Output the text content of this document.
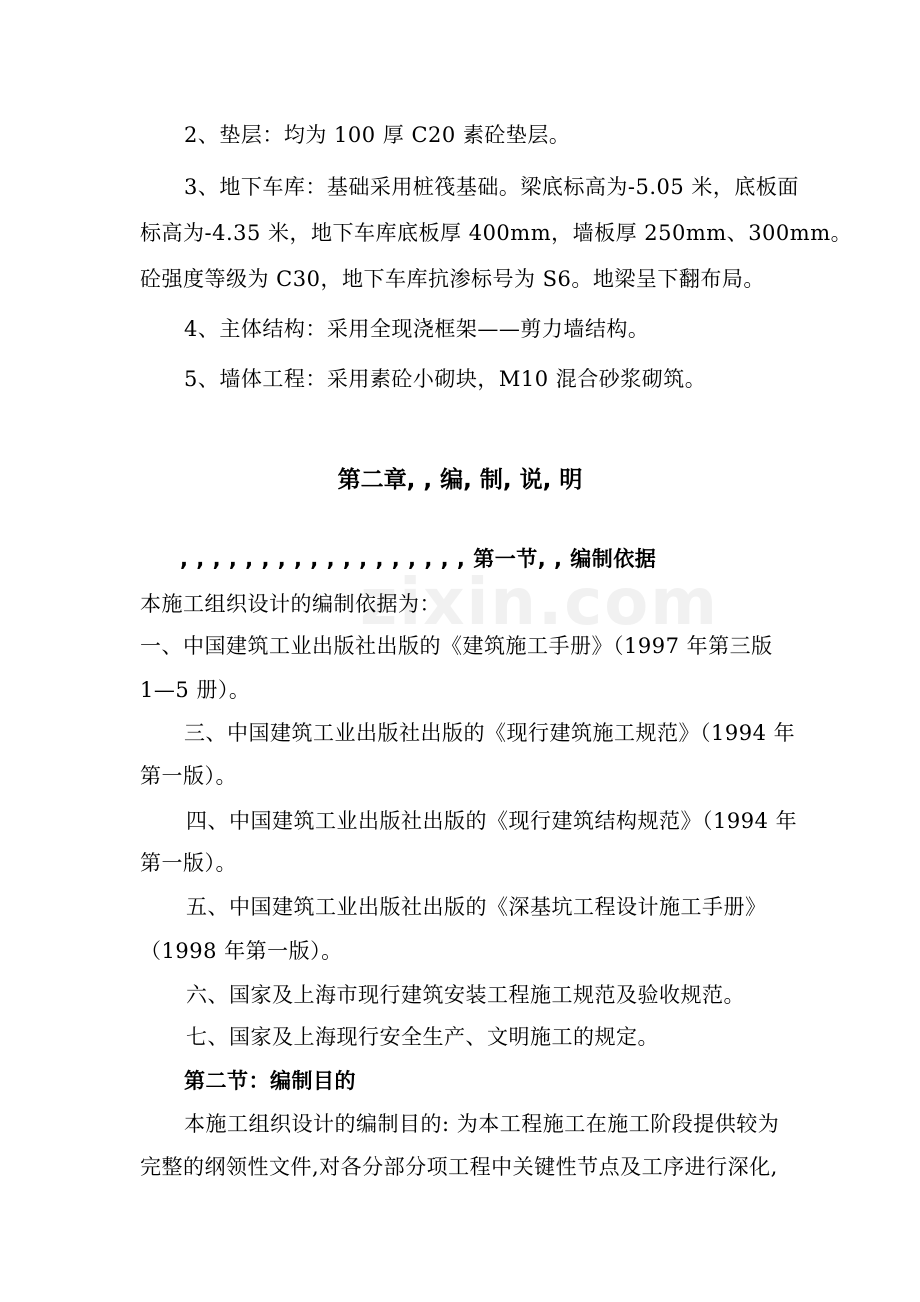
zixin.com
2、垫层：均为 100 厚 C20 素砼垫层。
3、地下车库：基础采用桩筏基础。梁底标高为-5.05 米，底板面
标高为-4.35 米，地下车库底板厚 400mm，墙板厚 250mm、300mm。
砼强度等级为 C30，地下车库抗渗标号为 S6。地梁呈下翻布局。
4、主体结构：采用全现浇框架——剪力墙结构。
5、墙体工程：采用素砼小砌块，M10 混合砂浆砌筑。
第二章, , 编, 制, 说, 明
, , , , , , , , , , , , , , , , , , 第一节, , 编制依据
本施工组织设计的编制依据为：
一、中国建筑工业出版社出版的《建筑施工手册》（1997 年第三版
1—5 册）。
三、中国建筑工业出版社出版的《现行建筑施工规范》（1994 年
第一版）。
四、中国建筑工业出版社出版的《现行建筑结构规范》（1994 年
第一版）。
五、中国建筑工业出版社出版的《深基坑工程设计施工手册》
（1998 年第一版）。
六、国家及上海市现行建筑安装工程施工规范及验收规范。
七、国家及上海现行安全生产、文明施工的规定。
第二节：编制目的
本施工组织设计的编制目的: 为本工程施工在施工阶段提供较为
完整的纲领性文件,对各分部分项工程中关键性节点及工序进行深化,
